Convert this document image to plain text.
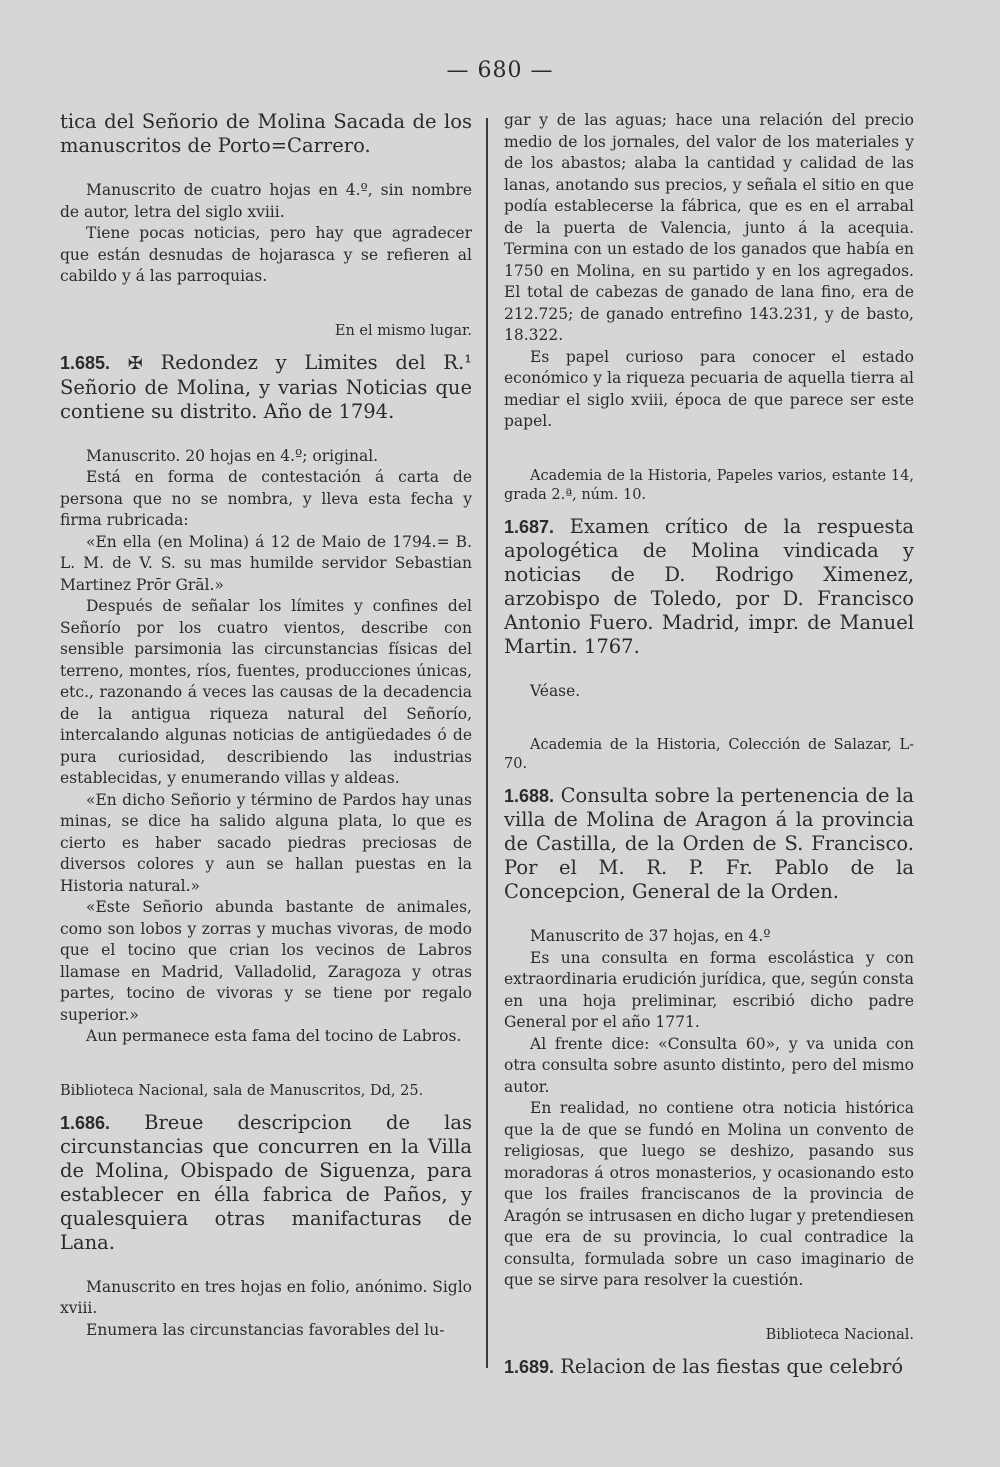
— 680 —

tica del Señorio de Molina Sacada de los manuscritos de Porto=Carrero.

Manuscrito de cuatro hojas en 4.º, sin nombre de autor, letra del siglo xviii.

Tiene pocas noticias, pero hay que agradecer que están desnudas de hojarasca y se refieren al cabildo y á las parroquias.

En el mismo lugar.

1.685. ✠ Redondez y Limites del R.¹ Señorio de Molina, y varias Noticias que contiene su distrito. Año de 1794.

Manuscrito. 20 hojas en 4.º; original.

Está en forma de contestación á carta de persona que no se nombra, y lleva esta fecha y firma rubricada:

«En ella (en Molina) á 12 de Maio de 1794.= B. L. M. de V. S. su mas humilde servidor Sebastian Martinez Prōr Grāl.»

Después de señalar los límites y confines del Señorío por los cuatro vientos, describe con sensible parsimonia las circunstancias físicas del terreno, montes, ríos, fuentes, producciones únicas, etc., razonando á veces las causas de la decadencia de la antigua riqueza natural del Señorío, intercalando algunas noticias de antigüedades ó de pura curiosidad, describiendo las industrias establecidas, y enumerando villas y aldeas.

«En dicho Señorio y término de Pardos hay unas minas, se dice ha salido alguna plata, lo que es cierto es haber sacado piedras preciosas de diversos colores y aun se hallan puestas en la Historia natural.»

«Este Señorio abunda bastante de animales, como son lobos y zorras y muchas vivoras, de modo que el tocino que crian los vecinos de Labros llamase en Madrid, Valladolid, Zaragoza y otras partes, tocino de vivoras y se tiene por regalo superior.»

Aun permanece esta fama del tocino de Labros.

Biblioteca Nacional, sala de Manuscritos, Dd, 25.

1.686. Breue descripcion de las circunstancias que concurren en la Villa de Molina, Obispado de Siguenza, para establecer en élla fabrica de Paños, y qualesquiera otras manifacturas de Lana.

Manuscrito en tres hojas en folio, anónimo. Siglo xviii.

Enumera las circunstancias favorables del lu-

gar y de las aguas; hace una relación del precio medio de los jornales, del valor de los materiales y de los abastos; alaba la cantidad y calidad de las lanas, anotando sus precios, y señala el sitio en que podía establecerse la fábrica, que es en el arrabal de la puerta de Valencia, junto á la acequia. Termina con un estado de los ganados que había en 1750 en Molina, en su partido y en los agregados. El total de cabezas de ganado de lana fino, era de 212.725; de ganado entrefino 143.231, y de basto, 18.322.

Es papel curioso para conocer el estado económico y la riqueza pecuaria de aquella tierra al mediar el siglo xviii, época de que parece ser este papel.

Academia de la Historia, Papeles varios, estante 14, grada 2.ª, núm. 10.

1.687. Examen crítico de la respuesta apologética de Molina vindicada y noticias de D. Rodrigo Ximenez, arzobispo de Toledo, por D. Francisco Antonio Fuero. Madrid, impr. de Manuel Martin. 1767.

Véase.

Academia de la Historia, Colección de Salazar, L-70.

1.688. Consulta sobre la pertenencia de la villa de Molina de Aragon á la provincia de Castilla, de la Orden de S. Francisco. Por el M. R. P. Fr. Pablo de la Concepcion, General de la Orden.

Manuscrito de 37 hojas, en 4.º

Es una consulta en forma escolástica y con extraordinaria erudición jurídica, que, según consta en una hoja preliminar, escribió dicho padre General por el año 1771.

Al frente dice: «Consulta 60», y va unida con otra consulta sobre asunto distinto, pero del mismo autor.

En realidad, no contiene otra noticia histórica que la de que se fundó en Molina un convento de religiosas, que luego se deshizo, pasando sus moradoras á otros monasterios, y ocasionando esto que los frailes franciscanos de la provincia de Aragón se intrusasen en dicho lugar y pretendiesen que era de su provincia, lo cual contradice la consulta, formulada sobre un caso imaginario de que se sirve para resolver la cuestión.

Biblioteca Nacional.

1.689. Relacion de las fiestas que celebró
